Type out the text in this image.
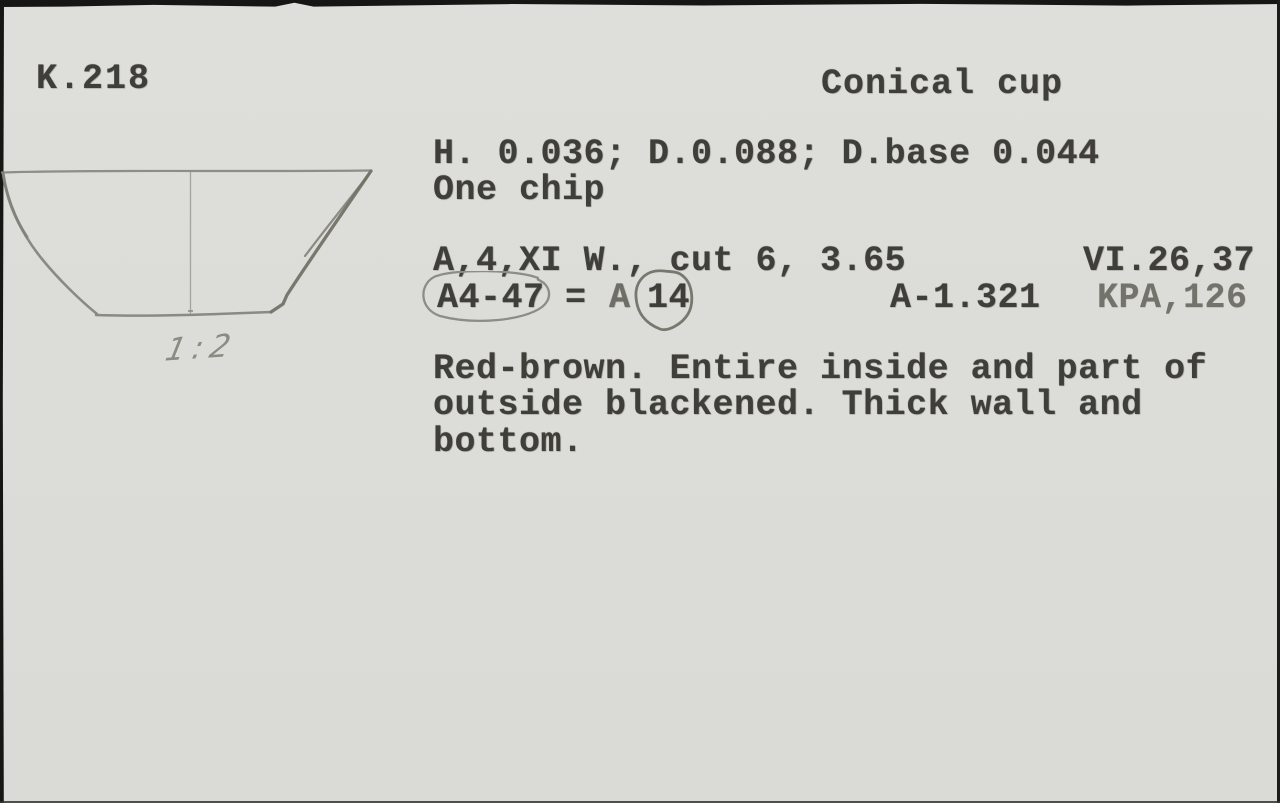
K.218	Conical cup
H. 0.036; D.0.088; D.base 0.044
One chip
A,4,XI W., cut 6, 3.65	VI.26,37
A4-47 = A 14	A-1.321 KPA,126
Red-brown. Entire inside and part of
outside blackened. Thick wall and
bottom.
1:2
